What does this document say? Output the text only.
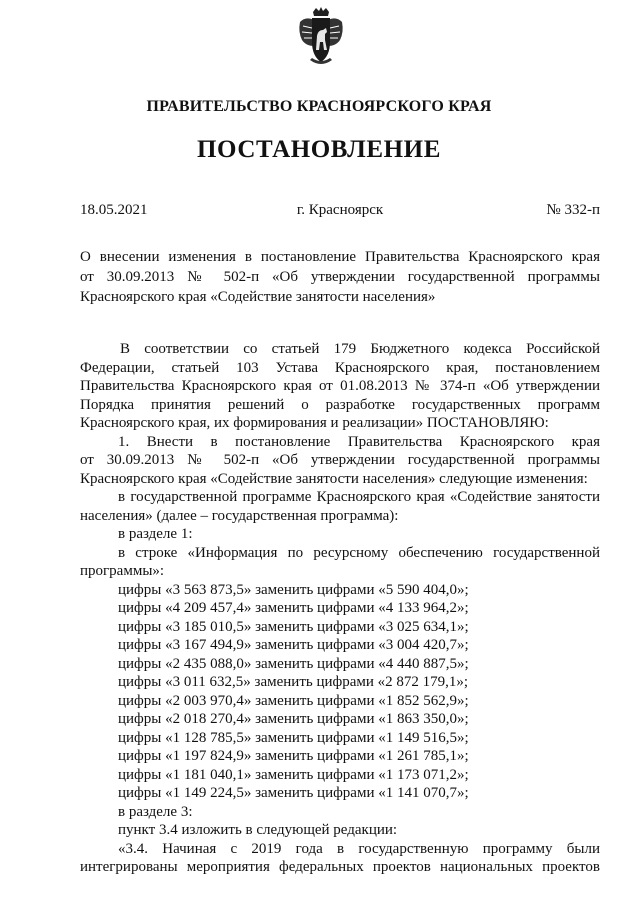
ПРАВИТЕЛЬСТВО КРАСНОЯРСКОГО КРАЯ
ПОСТАНОВЛЕНИЕ
18.05.2021	г. Красноярск	№ 332-п

О внесении изменения в постановление Правительства Красноярского края

от 30.09.2013 № 502-п «Об утверждении государственной программы

Красноярского края «Содействие занятости населения»

В соответствии со статьей 179 Бюджетного кодекса Российской

Федерации, статьей 103 Устава Красноярского края, постановлением

Правительства Красноярского края от 01.08.2013 № 374-п «Об утверждении

Порядка принятия решений о разработке государственных программ

Красноярского края, их формирования и реализации» ПОСТАНОВЛЯЮ:

1. Внести в постановление Правительства Красноярского края

от 30.09.2013 № 502-п «Об утверждении государственной программы

Красноярского края «Содействие занятости населения» следующие изменения:

в государственной программе Красноярского края «Содействие занятости

населения» (далее – государственная программа):

в разделе 1:

в строке «Информация по ресурсному обеспечению государственной

программы»:

цифры «3 563 873,5» заменить цифрами «5 590 404,0»;

цифры «4 209 457,4» заменить цифрами «4 133 964,2»;

цифры «3 185 010,5» заменить цифрами «3 025 634,1»;

цифры «3 167 494,9» заменить цифрами «3 004 420,7»;

цифры «2 435 088,0» заменить цифрами «4 440 887,5»;

цифры «3 011 632,5» заменить цифрами «2 872 179,1»;

цифры «2 003 970,4» заменить цифрами «1 852 562,9»;

цифры «2 018 270,4» заменить цифрами «1 863 350,0»;

цифры «1 128 785,5» заменить цифрами «1 149 516,5»;

цифры «1 197 824,9» заменить цифрами «1 261 785,1»;

цифры «1 181 040,1» заменить цифрами «1 173 071,2»;

цифры «1 149 224,5» заменить цифрами «1 141 070,7»;

в разделе 3:

пункт 3.4 изложить в следующей редакции:

«3.4. Начиная с 2019 года в государственную программу были

интегрированы мероприятия федеральных проектов национальных проектов
